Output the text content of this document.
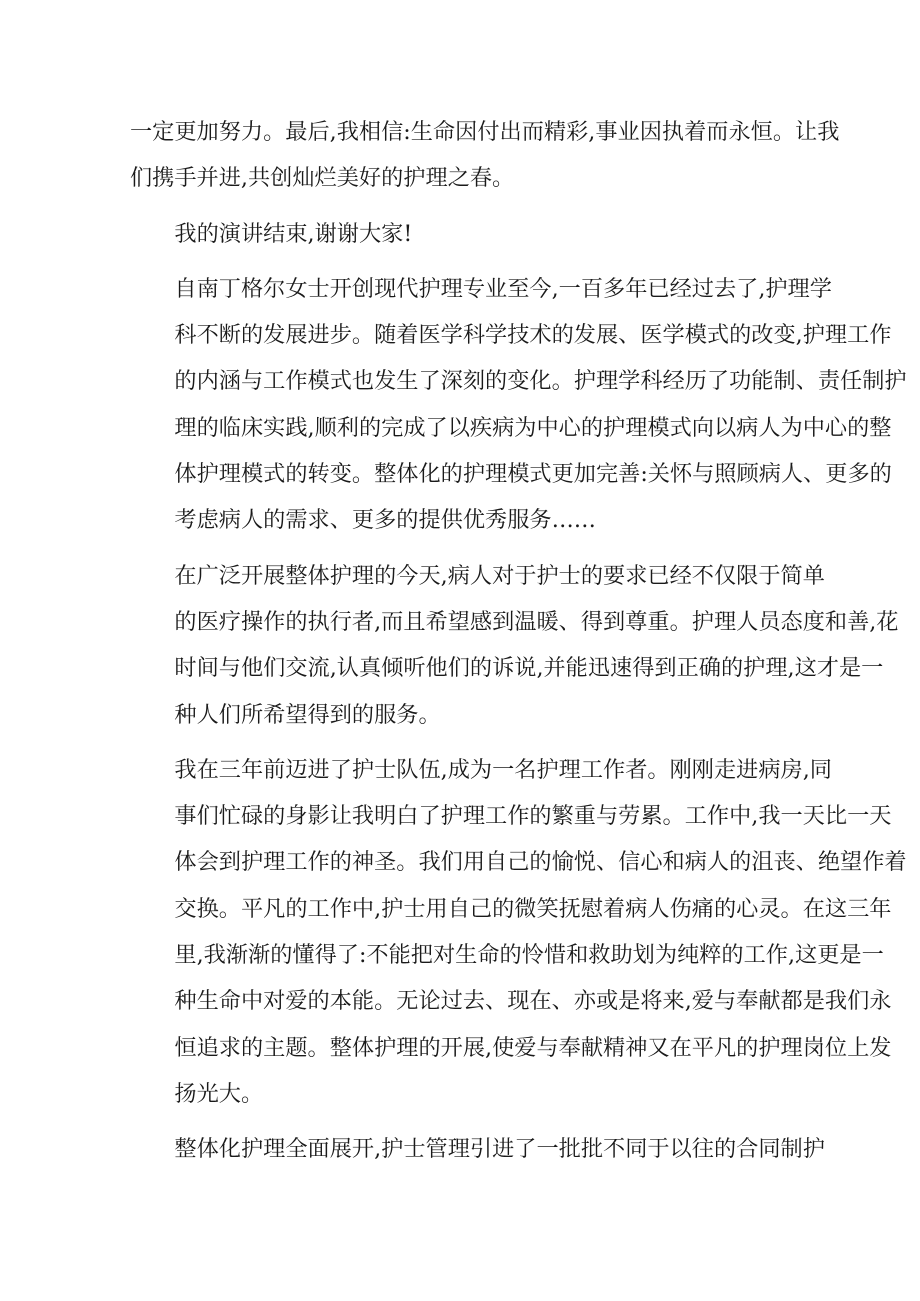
一定更加努力。最后,我相信:生命因付出而精彩,事业因执着而永恒。让我
们携手并进,共创灿烂美好的护理之春。

我的演讲结束,谢谢大家!

自南丁格尔女士开创现代护理专业至今,一百多年已经过去了,护理学
科不断的发展进步。随着医学科学技术的发展、医学模式的改变,护理工作
的内涵与工作模式也发生了深刻的变化。护理学科经历了功能制、责任制护
理的临床实践,顺利的完成了以疾病为中心的护理模式向以病人为中心的整
体护理模式的转变。整体化的护理模式更加完善:关怀与照顾病人、更多的
考虑病人的需求、更多的提供优秀服务……

在广泛开展整体护理的今天,病人对于护士的要求已经不仅限于简单
的医疗操作的执行者,而且希望感到温暖、得到尊重。护理人员态度和善,花
时间与他们交流,认真倾听他们的诉说,并能迅速得到正确的护理,这才是一
种人们所希望得到的服务。

我在三年前迈进了护士队伍,成为一名护理工作者。刚刚走进病房,同
事们忙碌的身影让我明白了护理工作的繁重与劳累。工作中,我一天比一天
体会到护理工作的神圣。我们用自己的愉悦、信心和病人的沮丧、绝望作着
交换。平凡的工作中,护士用自己的微笑抚慰着病人伤痛的心灵。在这三年
里,我渐渐的懂得了:不能把对生命的怜惜和救助划为纯粹的工作,这更是一
种生命中对爱的本能。无论过去、现在、亦或是将来,爱与奉献都是我们永
恒追求的主题。整体护理的开展,使爱与奉献精神又在平凡的护理岗位上发
扬光大。

整体化护理全面展开,护士管理引进了一批批不同于以往的合同制护
